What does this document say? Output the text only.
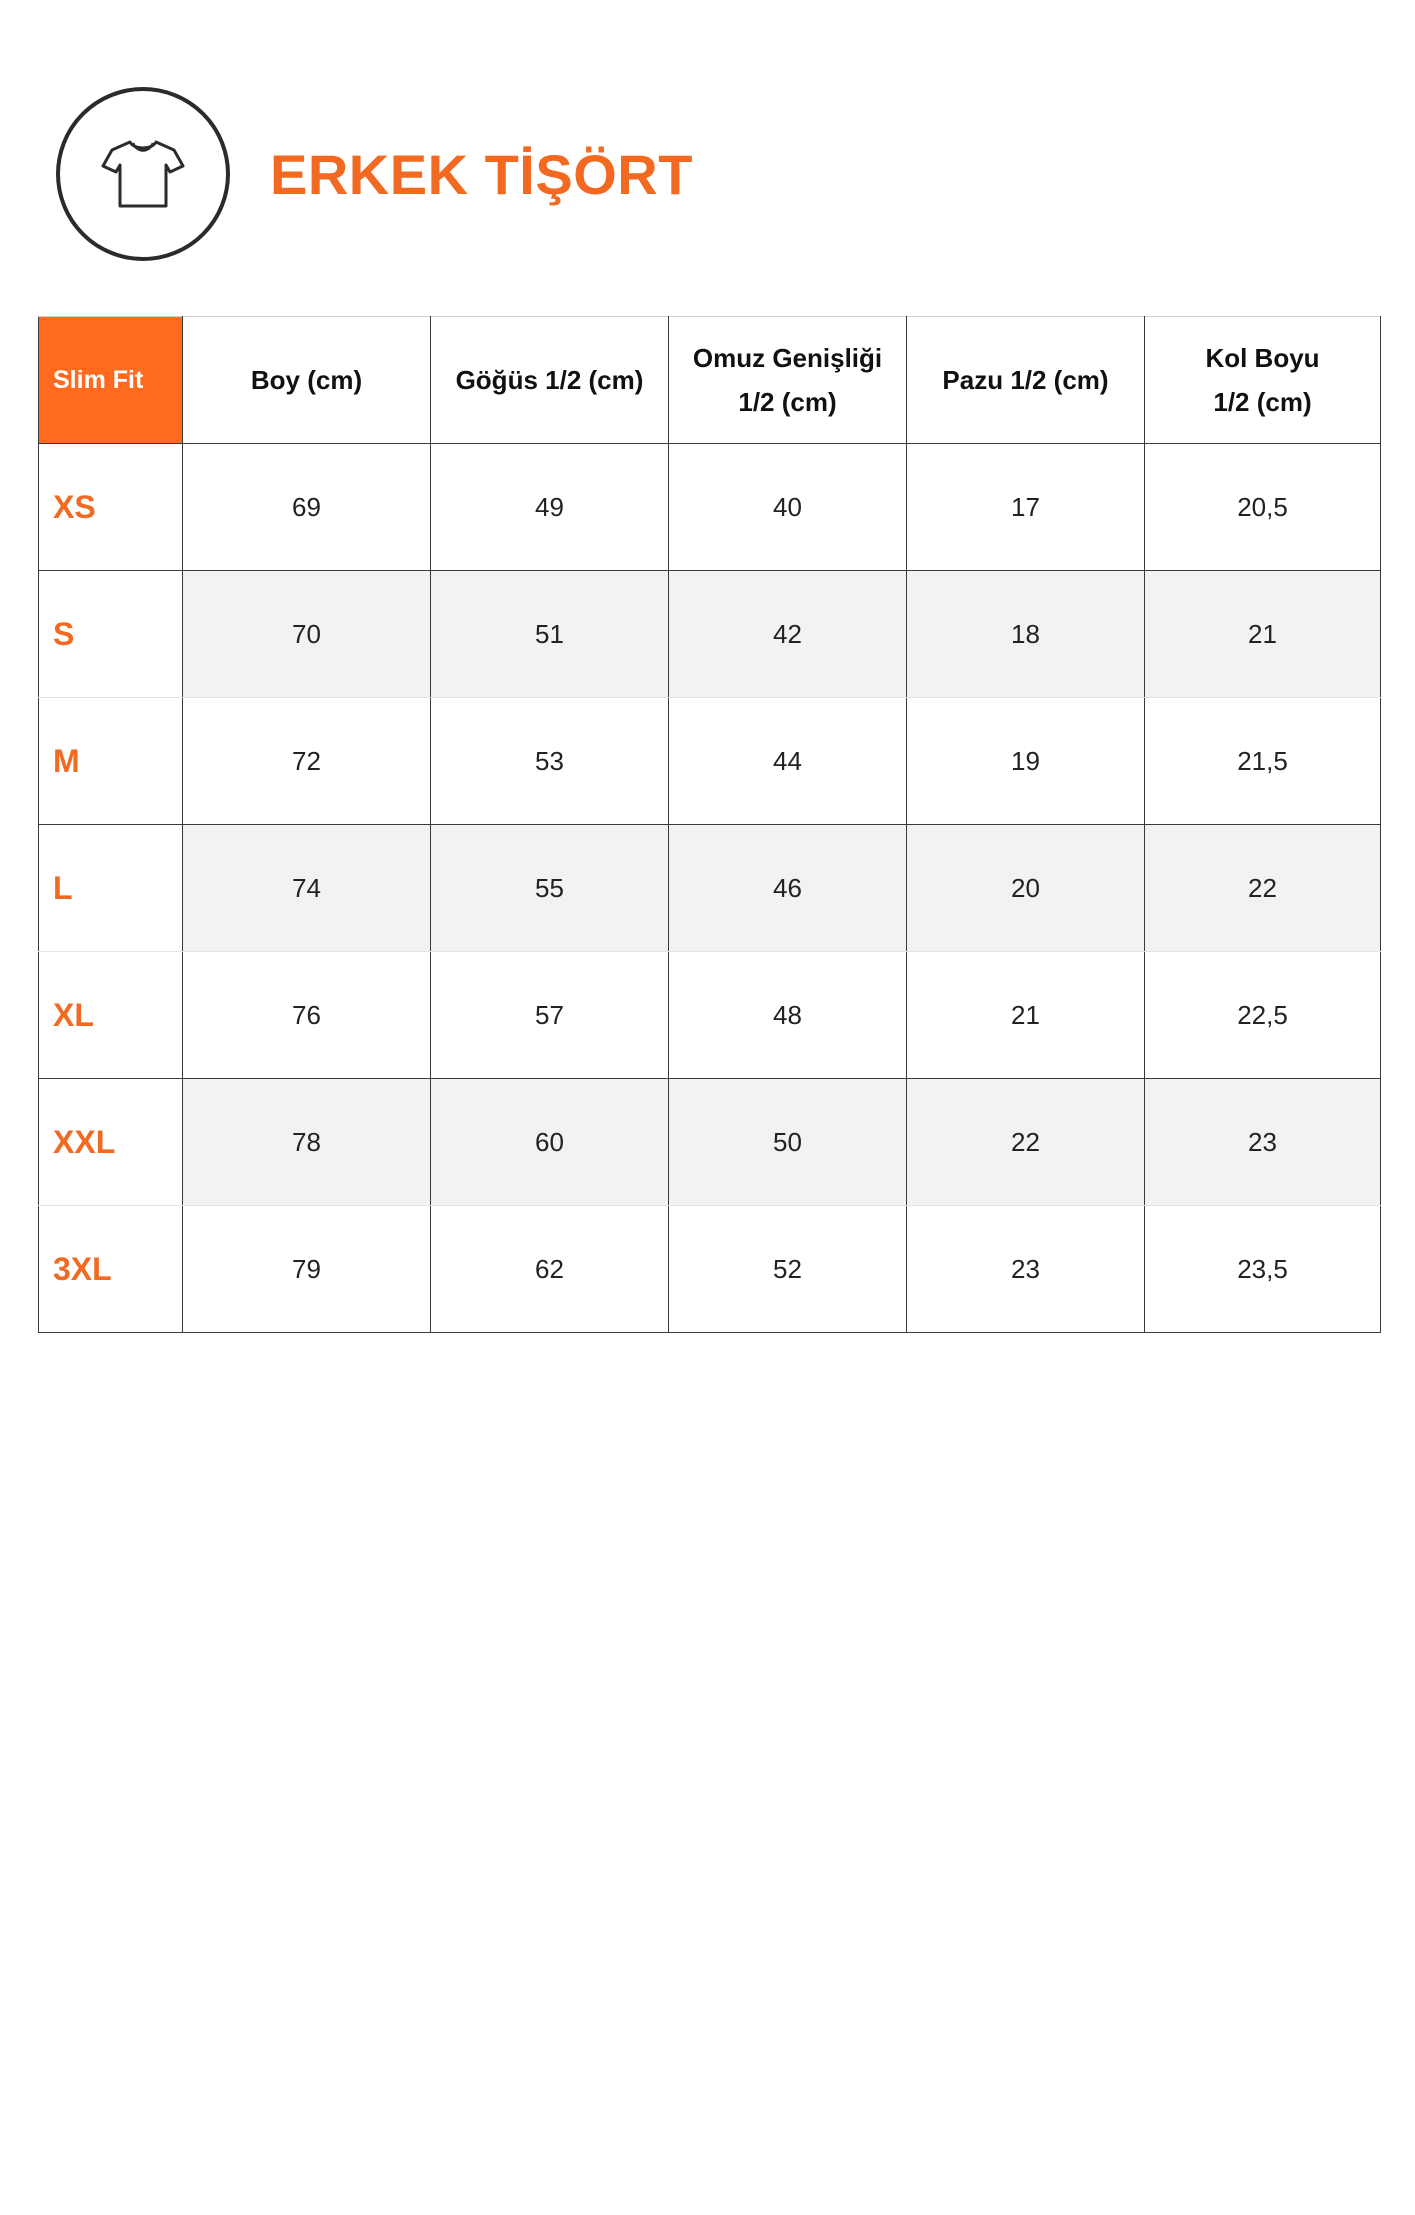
ERKEK TİŞÖRT
Slim Fit	Boy (cm)	Göğüs 1/2 (cm)	Omuz Genişliği 1/2 (cm)	Pazu 1/2 (cm)	Kol Boyu 1/2 (cm)
XS	69	49	40	17	20,5
S	70	51	42	18	21
M	72	53	44	19	21,5
L	74	55	46	20	22
XL	76	57	48	21	22,5
XXL	78	60	50	22	23
3XL	79	62	52	23	23,5
